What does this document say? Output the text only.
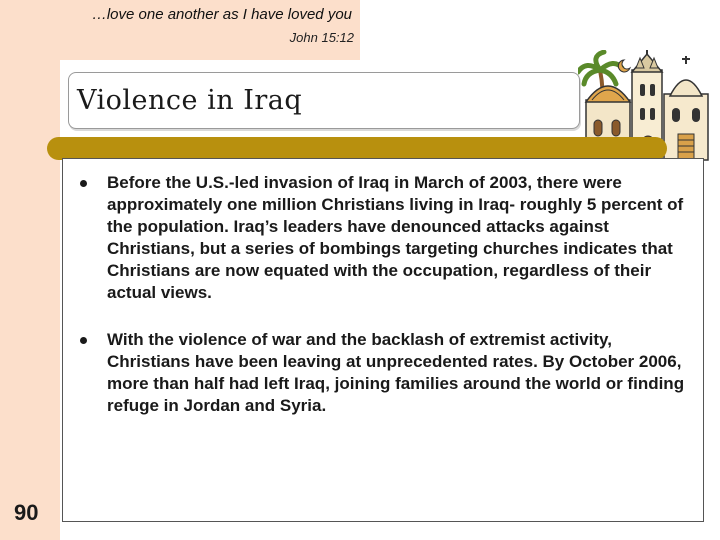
…love one another as I have loved you
John 15:12
Violence in Iraq
Before the U.S.-led invasion of Iraq in March of 2003, there were approximately one million Christians living in Iraq- roughly 5 percent of the population. Iraq’s leaders have denounced attacks against Christians, but a series of bombings targeting churches indicates that Christians are now equated with the occupation, regardless of their actual views.
With the violence of war and the backlash of extremist activity, Christians have been leaving at unprecedented rates. By October 2006, more than half had left Iraq, joining families around the world or finding refuge in Jordan and Syria.
90
